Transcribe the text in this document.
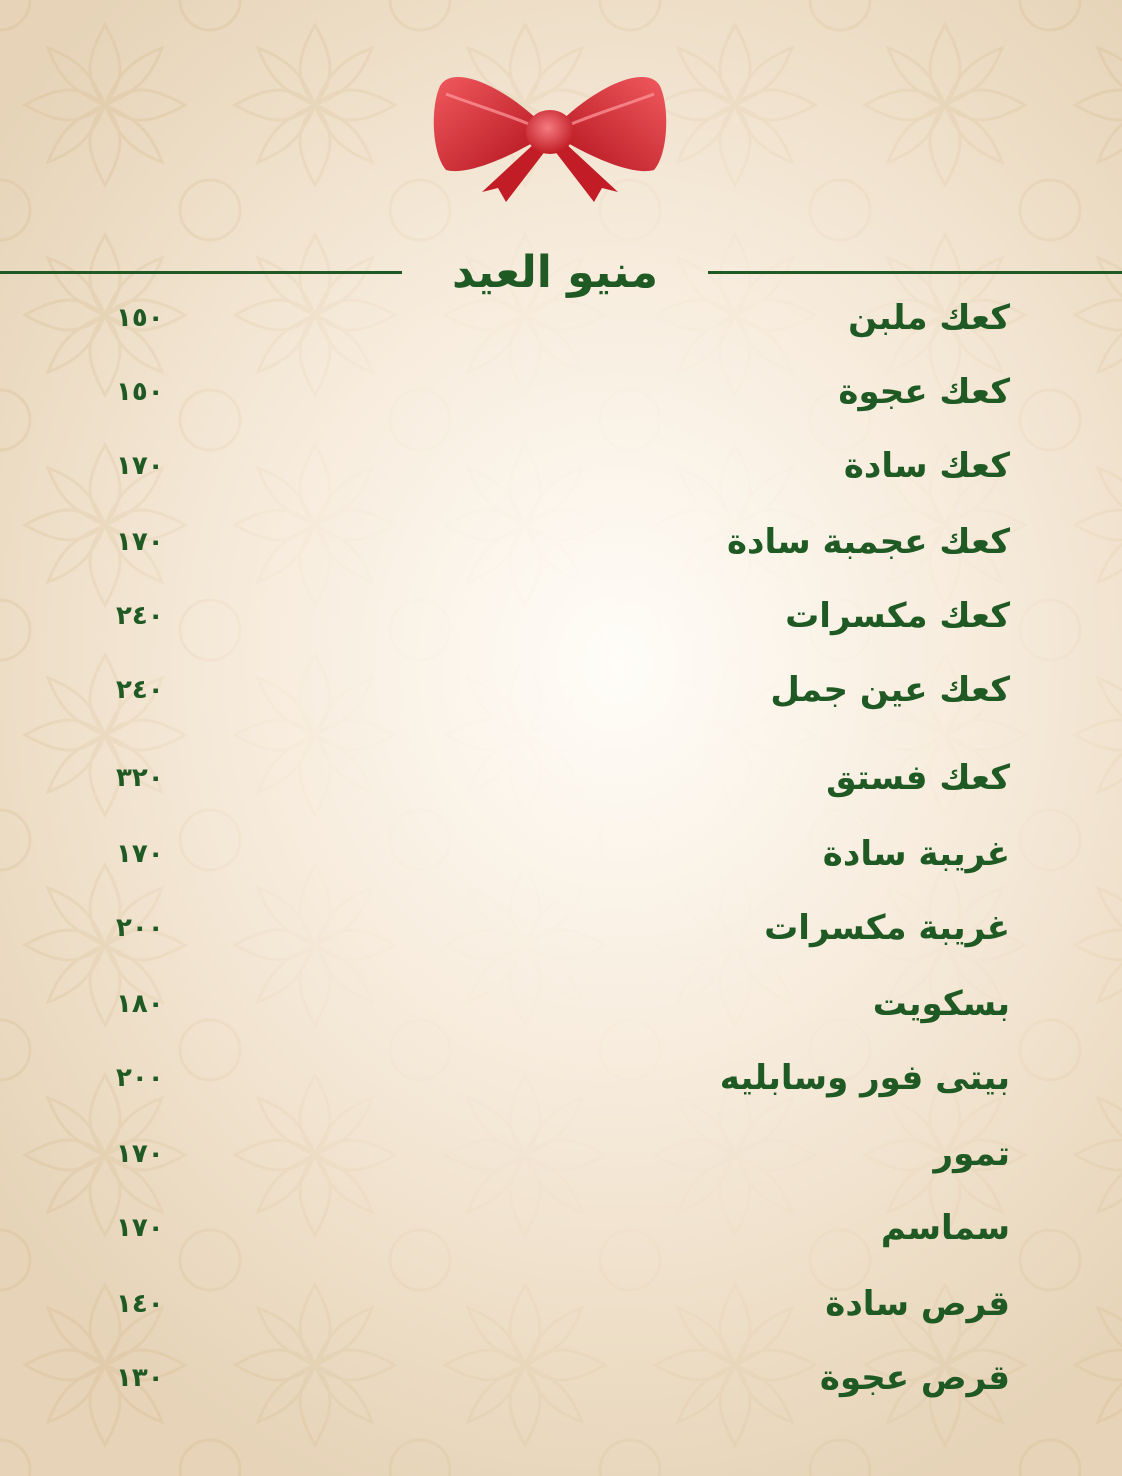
منيو العيد
كعك ملبن
١٥٠
كعك عجوة
١٥٠
كعك سادة
١٧٠
كعك عجمبة سادة
١٧٠
كعك مكسرات
٢٤٠
كعك عين جمل
٢٤٠
كعك فستق
٣٢٠
غريبة سادة
١٧٠
غريبة مكسرات
٢٠٠
بسكويت
١٨٠
بيتى فور وسابليه
٢٠٠
تمور
١٧٠
سماسم
١٧٠
قرص سادة
١٤٠
قرص عجوة
١٣٠
